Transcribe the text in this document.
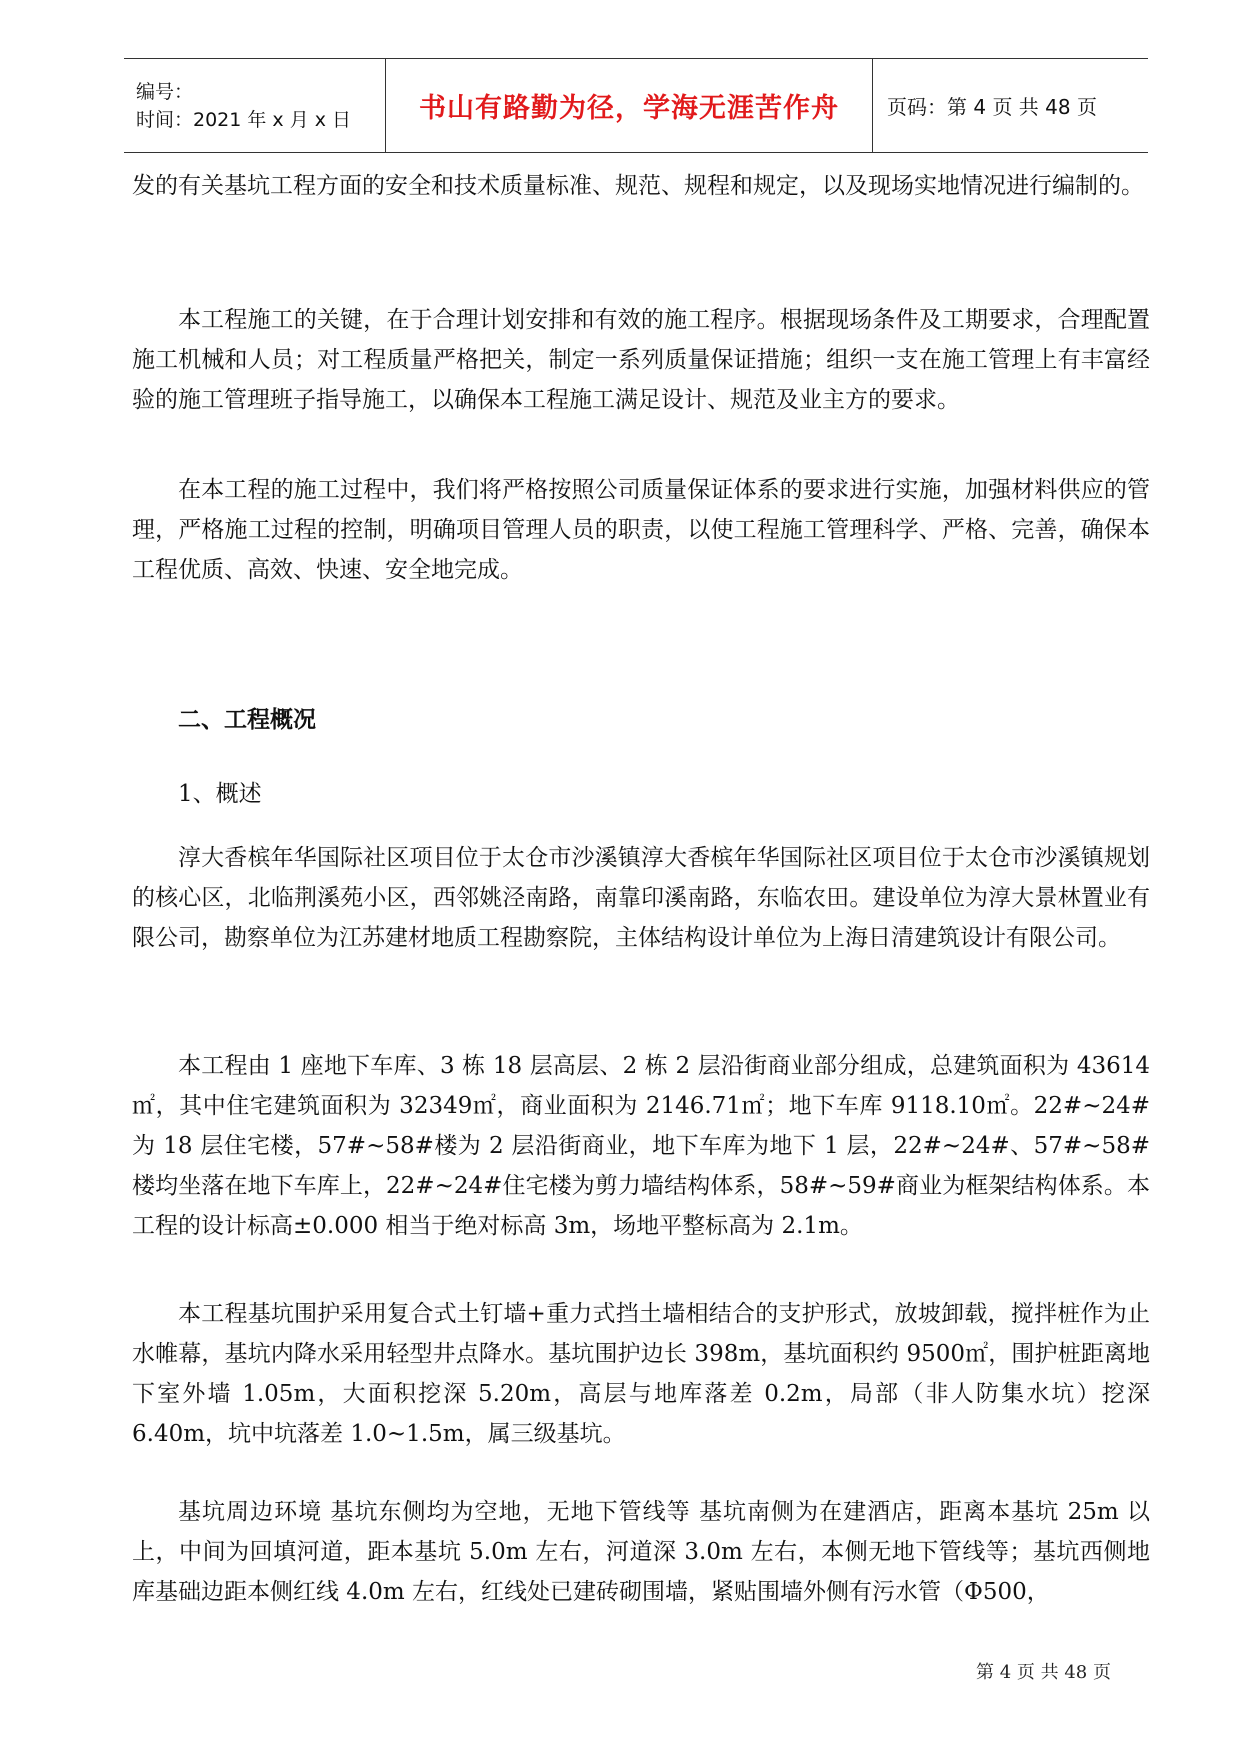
编号：
时间：2021 年 x 月 x 日	书山有路勤为径，学海无涯苦作舟 页码：第 4 页 共 48 页

发的有关基坑工程方面的安全和技术质量标准、规范、规程和规定，以及现场实地情况进行编制的。

本工程施工的关键，在于合理计划安排和有效的施工程序。根据现场条件及工期要求，合理配置施工机械和人员；对工程质量严格把关，制定一系列质量保证措施；组织一支在施工管理上有丰富经验的施工管理班子指导施工，以确保本工程施工满足设计、规范及业主方的要求。

在本工程的施工过程中，我们将严格按照公司质量保证体系的要求进行实施，加强材料供应的管理，严格施工过程的控制，明确项目管理人员的职责，以使工程施工管理科学、严格、完善，确保本工程优质、高效、快速、安全地完成。

二、工程概况

1、概述

淳大香槟年华国际社区项目位于太仓市沙溪镇淳大香槟年华国际社区项目位于太仓市沙溪镇规划的核心区，北临荆溪苑小区，西邻姚泾南路，南靠印溪南路，东临农田。建设单位为淳大景林置业有限公司，勘察单位为江苏建材地质工程勘察院，主体结构设计单位为上海日清建筑设计有限公司。

本工程由 1 座地下车库、3 栋 18 层高层、2 栋 2 层沿街商业部分组成，总建筑面积为 43614㎡，其中住宅建筑面积为 32349㎡，商业面积为 2146.71㎡；地下车库 9118.10㎡。22#~24#为 18 层住宅楼，57#~58#楼为 2 层沿街商业，地下车库为地下 1 层，22#~24#、57#~58#楼均坐落在地下车库上，22#~24#住宅楼为剪力墙结构体系，58#~59#商业为框架结构体系。本工程的设计标高±0.000 相当于绝对标高 3m，场地平整标高为 2.1m。

本工程基坑围护采用复合式土钉墙+重力式挡土墙相结合的支护形式，放坡卸载，搅拌桩作为止水帷幕，基坑内降水采用轻型井点降水。基坑围护边长 398m，基坑面积约 9500㎡，围护桩距离地下室外墙 1.05m，大面积挖深 5.20m，高层与地库落差 0.2m，局部（非人防集水坑）挖深 6.40m，坑中坑落差 1.0~1.5m，属三级基坑。

基坑周边环境 基坑东侧均为空地，无地下管线等 基坑南侧为在建酒店，距离本基坑 25m 以上，中间为回填河道，距本基坑 5.0m 左右，河道深 3.0m 左右，本侧无地下管线等；基坑西侧地库基础边距本侧红线 4.0m 左右，红线处已建砖砌围墙，紧贴围墙外侧有污水管（Φ500，

第 4 页 共 48 页
